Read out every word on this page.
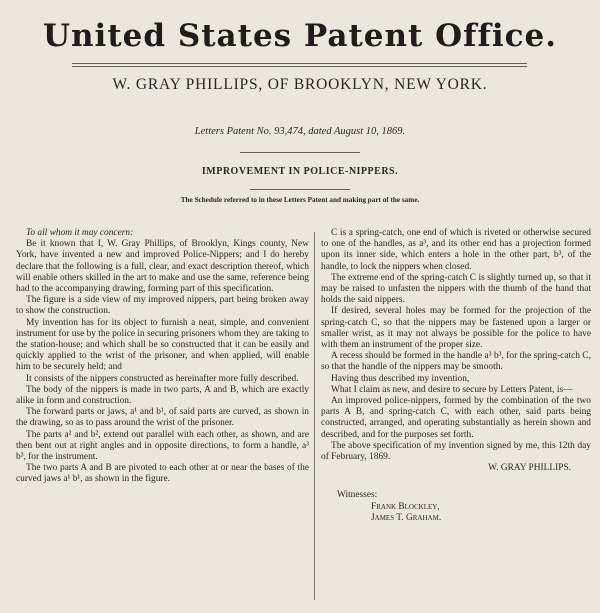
United States Patent Office.
W. GRAY PHILLIPS, OF BROOKLYN, NEW YORK.
Letters Patent No. 93,474, dated August 10, 1869.
IMPROVEMENT IN POLICE-NIPPERS.
The Schedule referred to in these Letters Patent and making part of the same.

To all whom it may concern:

Be it known that I, W. Gray Phillips, of Brooklyn, Kings county, New York, have invented a new and improved Police-Nippers; and I do hereby declare that the following is a full, clear, and exact description thereof, which will enable others skilled in the art to make and use the same, reference being had to the accompanying drawing, forming part of this specification.

The figure is a side view of my improved nippers, part being broken away to show the construction.

My invention has for its object to furnish a neat, simple, and convenient instrument for use by the police in securing prisoners whom they are taking to the station-house; and which shall be so constructed that it can be easily and quickly applied to the wrist of the prisoner, and when applied, will enable him to be securely held; and

It consists of the nippers constructed as hereinafter more fully described.

The body of the nippers is made in two parts, A and B, which are exactly alike in form and construction.

The forward parts or jaws, a¹ and b¹, of said parts are curved, as shown in the drawing, so as to pass around the wrist of the prisoner.

The parts a² and b², extend out parallel with each other, as shown, and are then bent out at right angles and in opposite directions, to form a handle, a³ b³, for the instrument.

The two parts A and B are pivoted to each other at or near the bases of the curved jaws a¹ b¹, as shown in the figure.

C is a spring-catch, one end of which is riveted or otherwise secured to one of the handles, as a³, and its other end has a projection formed upon its inner side, which enters a hole in the other part, b³, of the handle, to lock the nippers when closed.

The extreme end of the spring-catch C is slightly turned up, so that it may be raised to unfasten the nippers with the thumb of the hand that holds the said nippers.

If desired, several holes may be formed for the projection of the spring-catch C, so that the nippers may be fastened upon a larger or smaller wrist, as it may not always be possible for the police to have with them an instrument of the proper size.

A recess should be formed in the handle a³ b³, for the spring-catch C, so that the handle of the nippers may be smooth.

Having thus described my invention,

What I claim as new, and desire to secure by Letters Patent, is—

An improved police-nippers, formed by the combination of the two parts A B, and spring-catch C, with each other, said parts being constructed, arranged, and operating substantially as herein shown and described, and for the purposes set forth.

The above specification of my invention signed by me, this 12th day of February, 1869.

W. GRAY PHILLIPS.

Witnesses:

Frank Blockley,

James T. Graham.
